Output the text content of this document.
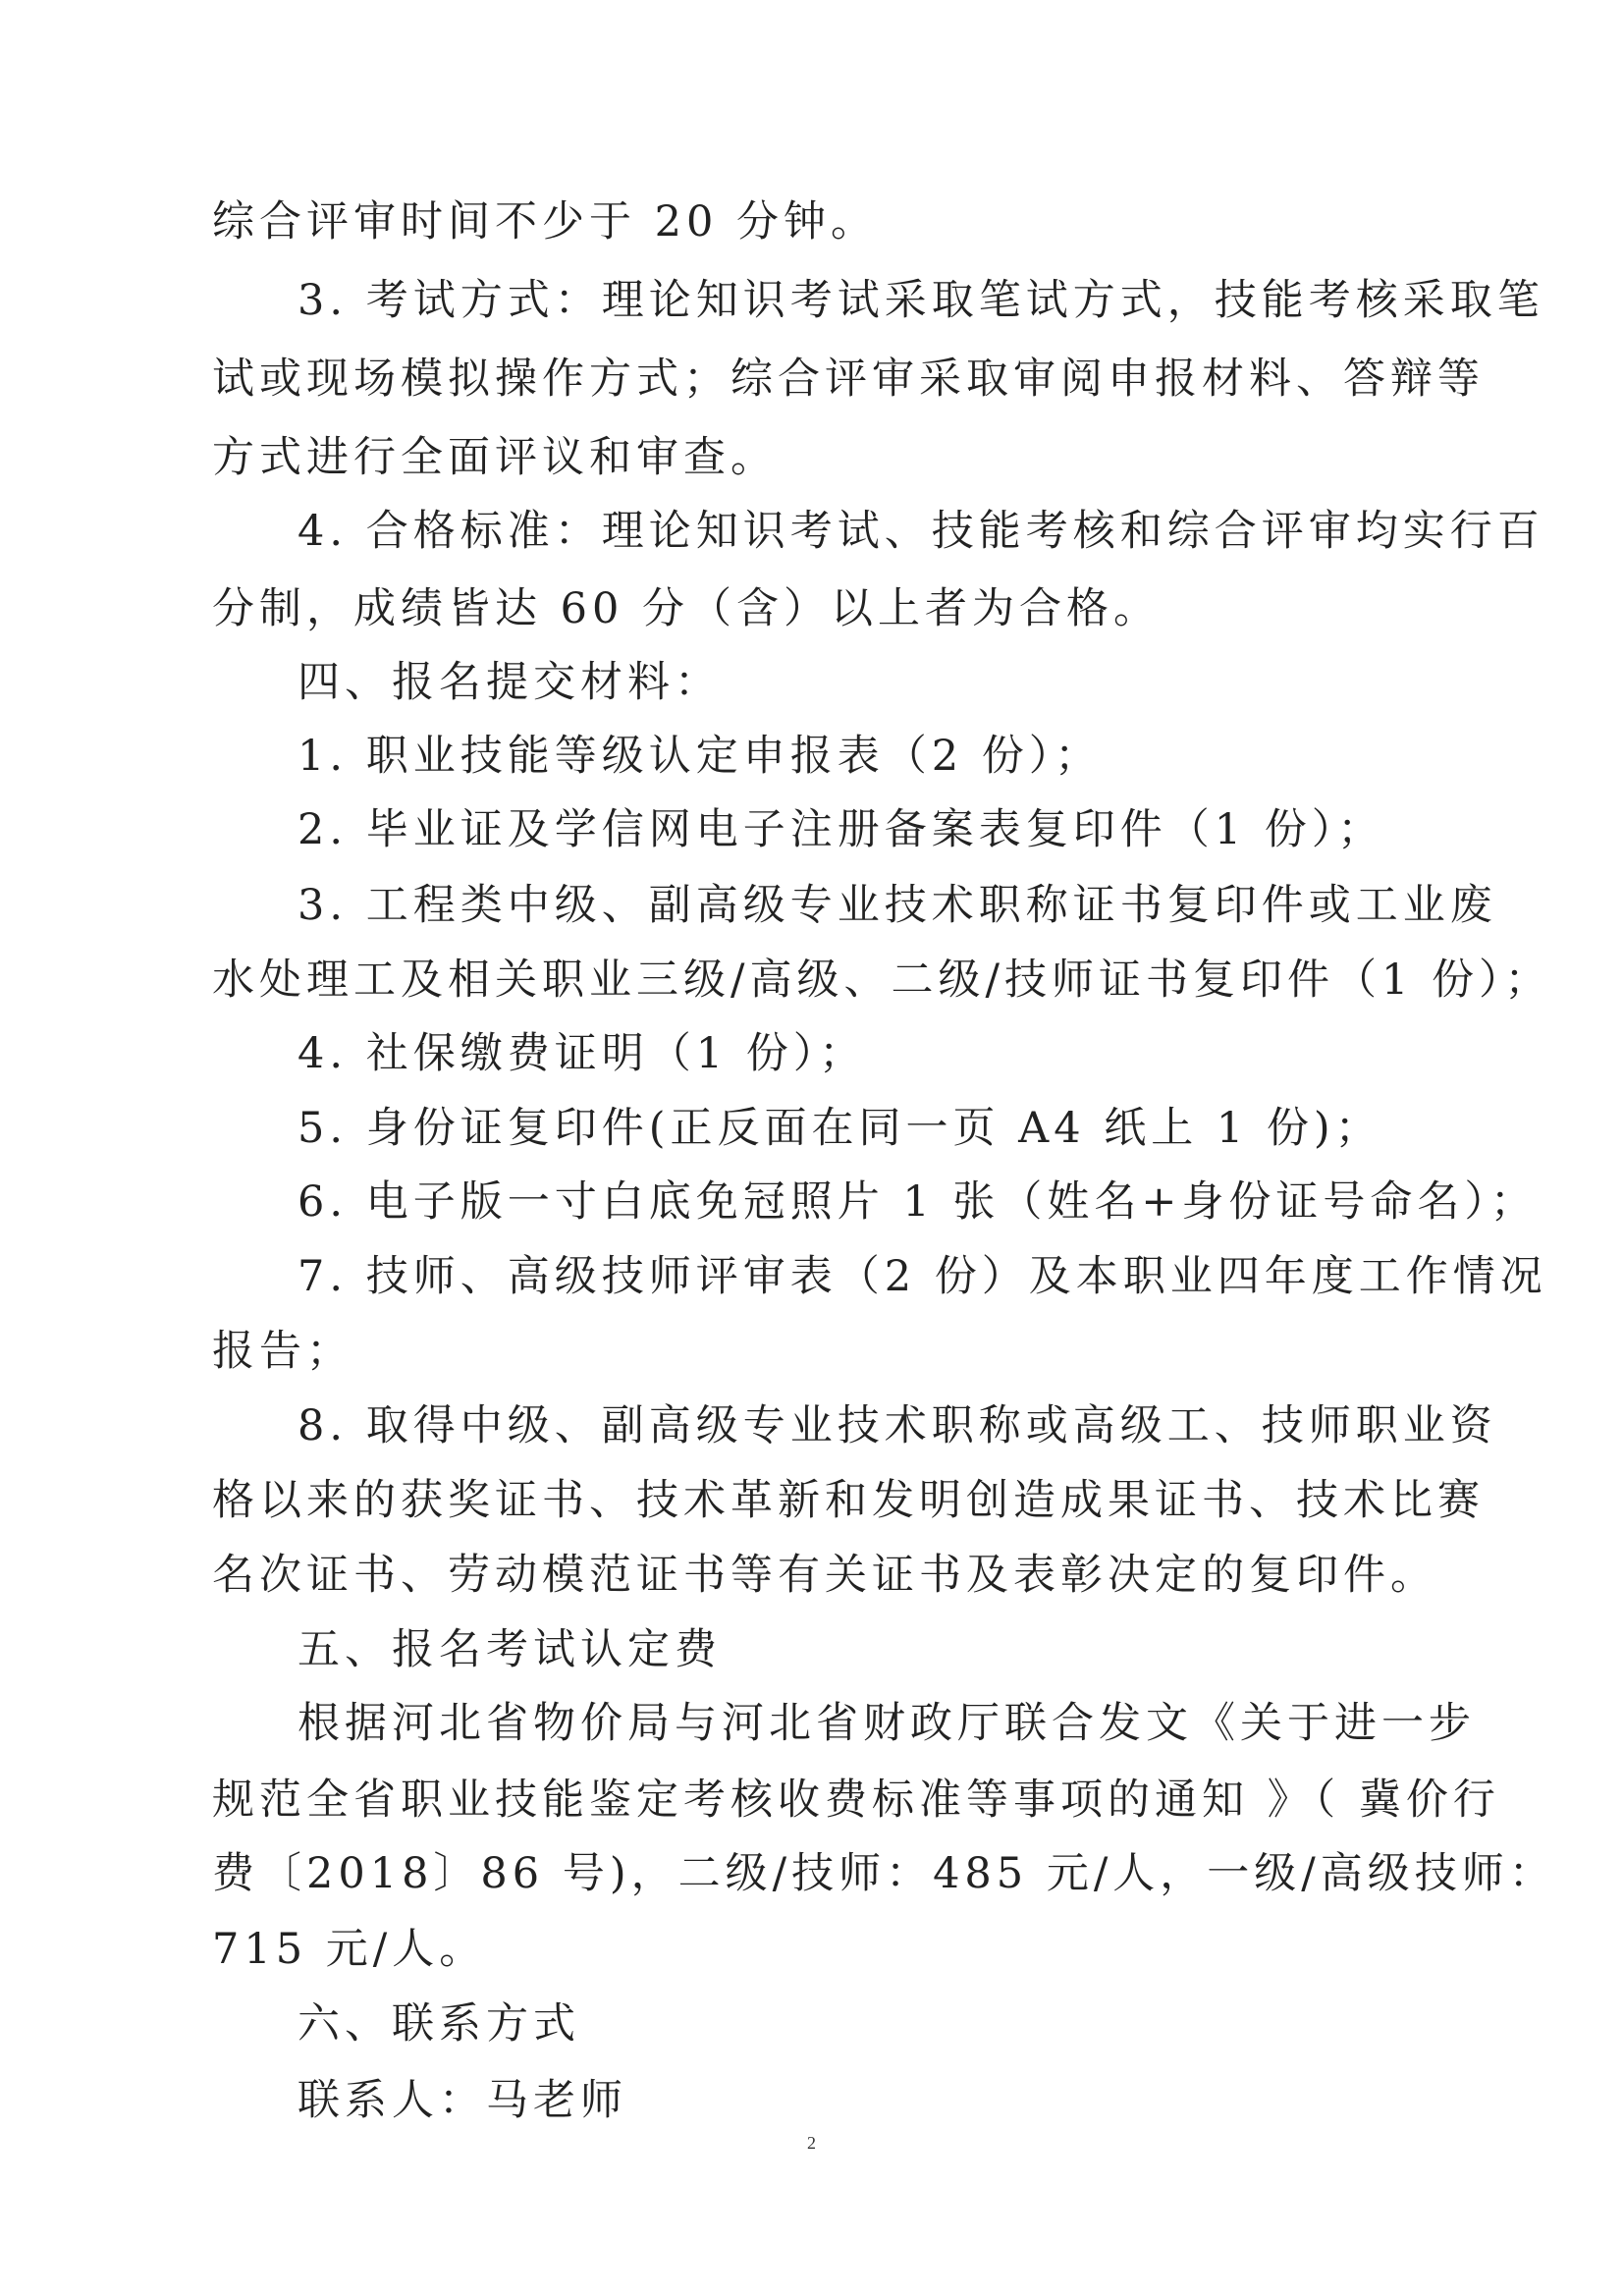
综合评审时间不少于 20 分钟。
3. 考试方式：理论知识考试采取笔试方式，技能考核采取笔
试或现场模拟操作方式；综合评审采取审阅申报材料、答辩等
方式进行全面评议和审查。
4. 合格标准：理论知识考试、技能考核和综合评审均实行百
分制，成绩皆达 60 分（含）以上者为合格。
四、报名提交材料：
1. 职业技能等级认定申报表（2 份）；
2. 毕业证及学信网电子注册备案表复印件（1 份）；
3. 工程类中级、副高级专业技术职称证书复印件或工业废
水处理工及相关职业三级/高级、二级/技师证书复印件（1 份）；
4. 社保缴费证明（1 份）；
5. 身份证复印件(正反面在同一页 A4 纸上 1 份)；
6. 电子版一寸白底免冠照片 1 张（姓名+身份证号命名）；
7. 技师、高级技师评审表（2 份）及本职业四年度工作情况
报告；
8. 取得中级、副高级专业技术职称或高级工、技师职业资
格以来的获奖证书、技术革新和发明创造成果证书、技术比赛
名次证书、劳动模范证书等有关证书及表彰决定的复印件。
五、报名考试认定费
根据河北省物价局与河北省财政厅联合发文《关于进一步
规范全省职业技能鉴定考核收费标准等事项的通知 》（ 冀价行
费〔2018〕86 号)，二级/技师：485 元/人，一级/高级技师：
715 元/人。
六、联系方式
联系人：马老师
2
